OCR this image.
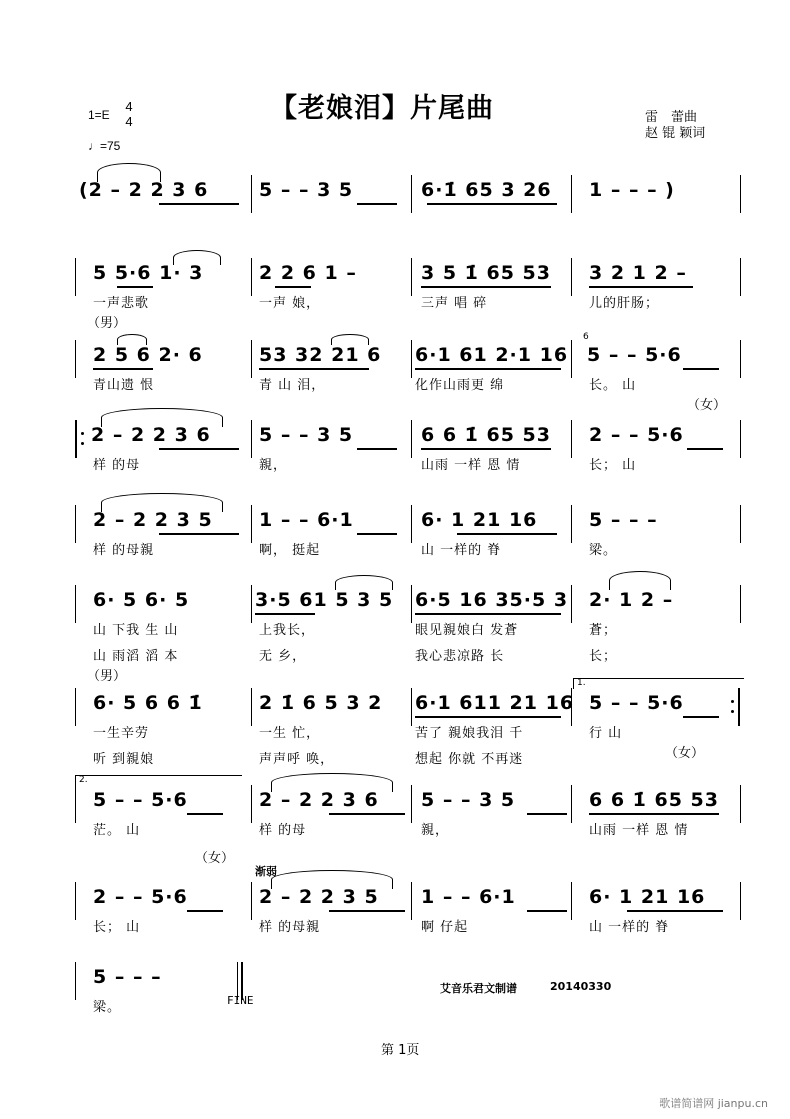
【老娘泪】片尾曲
1=E
4
4
♩=75
雷　蕾曲
赵 锟 颖词
(2 – 2 2 3 6	5 – – 3 5	6·1̇ 65 3 26 1 – – – )
5 5·6 1· 3	2 2 6 1 –	3 5 1̇ 65 53 3 2 1 2 –
一声悲歌	一声 娘，	三声 唱 碎	儿的肝肠；
（男）
2 5 6 2· 6	53 32 21 6 6·1 61 2·1 16 5 – – 5·6
6
青山遗 恨	青 山 泪，	化作山雨更 绵	长。 山
（女）
2 – 2 2 3 6	5 – – 3 5	6 6 1̇ 65 53 2 – – 5·6
样 的母	親，	山雨 一样 恩 情	长； 山
2 – 2 2 3 5 1 – – 6·1	6· 1 21 16	5 – – –
样 的母親	啊， 挺起	山 一样的 脊	梁。
6· 5 6· 5	3·5 61 5 3 5 6·5 16 35·5 3 2· 1 2 –
山 下我 生 山	上我长，	眼见親娘白 发蒼	蒼；
山 雨滔 滔 本	无 乡，	我心悲凉路 长	长；
（男）	1.
6· 5 6 6 1̇	2 1̇ 6 5 3 2 6·1 611 21 16 5 – – 5·6
一生辛劳	一生 忙，	苦了 親娘我泪 千	行 山
听 到親娘	声声呼 唤，	想起 你就 不再迷	（女）
2.
5 – – 5·6	2 – 2 2 3 6 5 – – 3 5	6 6 1̇ 65 53
茫。 山	样 的母	親，	山雨 一样 恩 情
（女）
渐弱
2 – – 5·6	2 – 2 2 3 5 1 – – 6·1	6· 1 21 16
长； 山	样 的母親	啊 仔起	山 一样的 脊
5 – – –
梁。	FINE
艾音乐君文制谱	20140330
第 1页
歌谱简谱网 jianpu.cn
